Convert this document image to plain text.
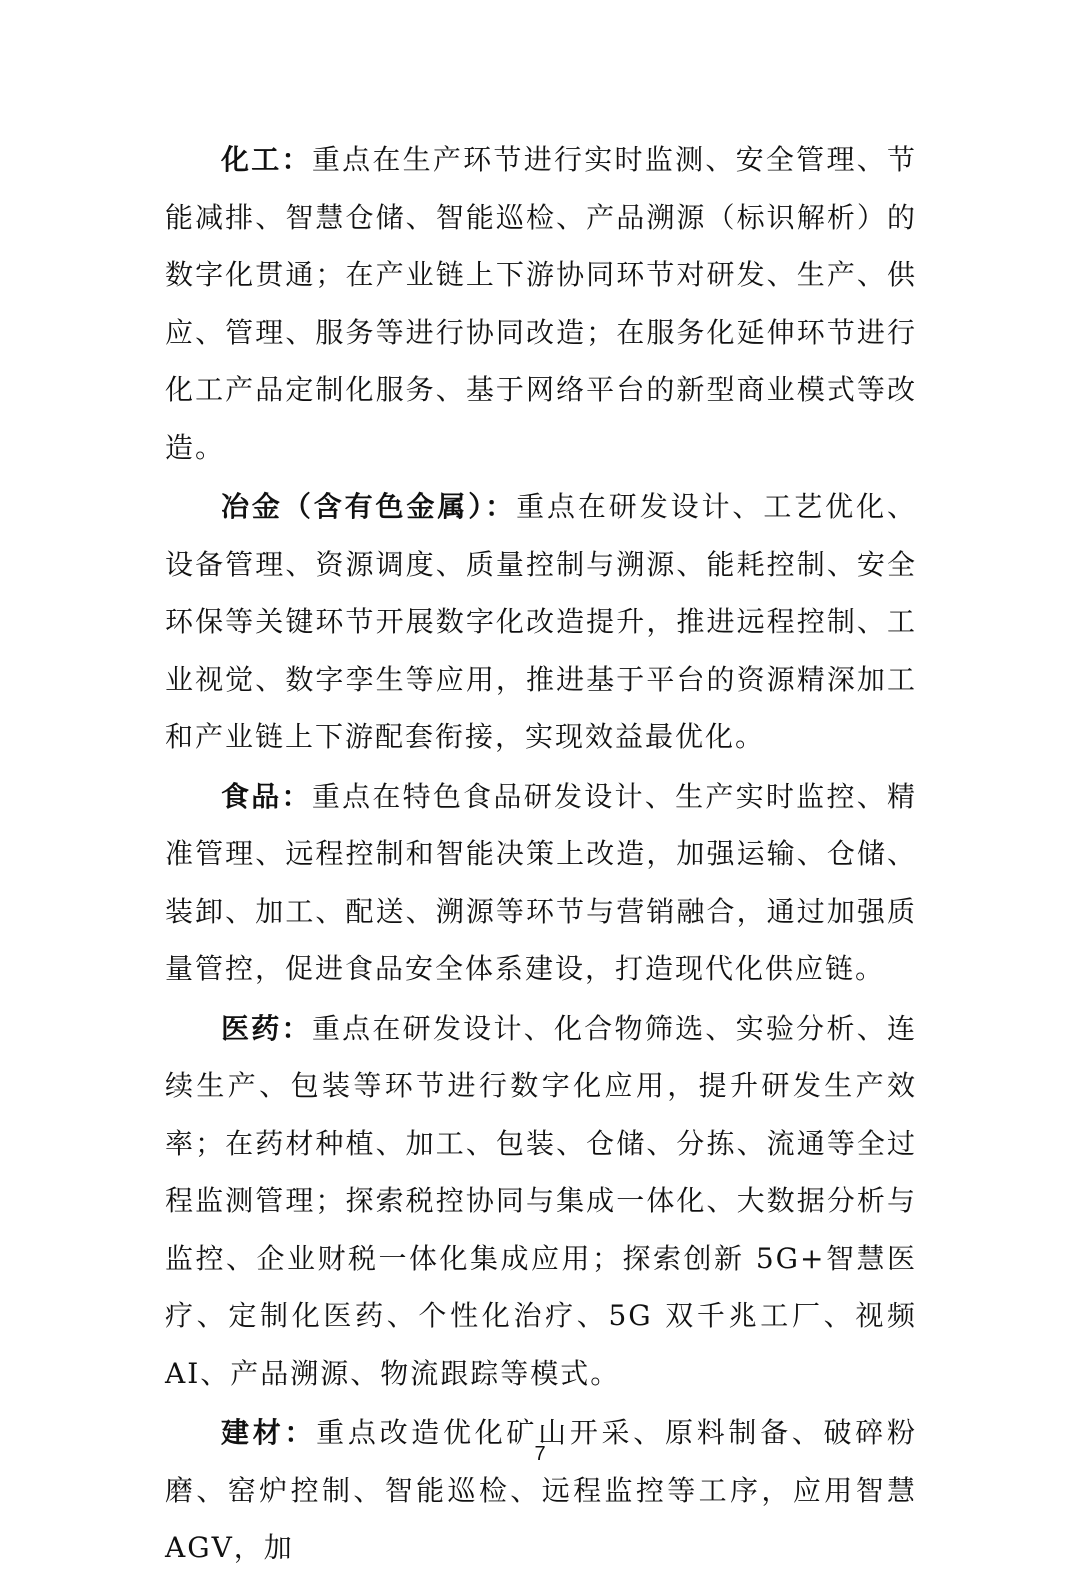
化工：重点在生产环节进行实时监测、安全管理、节能减排、智慧仓储、智能巡检、产品溯源（标识解析）的数字化贯通；在产业链上下游协同环节对研发、生产、供应、管理、服务等进行协同改造；在服务化延伸环节进行化工产品定制化服务、基于网络平台的新型商业模式等改造。

冶金（含有色金属）：重点在研发设计、工艺优化、设备管理、资源调度、质量控制与溯源、能耗控制、安全环保等关键环节开展数字化改造提升，推进远程控制、工业视觉、数字孪生等应用，推进基于平台的资源精深加工和产业链上下游配套衔接，实现效益最优化。

食品：重点在特色食品研发设计、生产实时监控、精准管理、远程控制和智能决策上改造，加强运输、仓储、装卸、加工、配送、溯源等环节与营销融合，通过加强质量管控，促进食品安全体系建设，打造现代化供应链。

医药：重点在研发设计、化合物筛选、实验分析、连续生产、包装等环节进行数字化应用，提升研发生产效率；在药材种植、加工、包装、仓储、分拣、流通等全过程监测管理；探索税控协同与集成一体化、大数据分析与监控、企业财税一体化集成应用；探索创新 5G+智慧医疗、定制化医药、个性化治疗、5G 双千兆工厂、视频 AI、产品溯源、物流跟踪等模式。

建材：重点改造优化矿山开采、原料制备、破碎粉磨、窑炉控制、智能巡检、远程监控等工序，应用智慧 AGV，加

7
